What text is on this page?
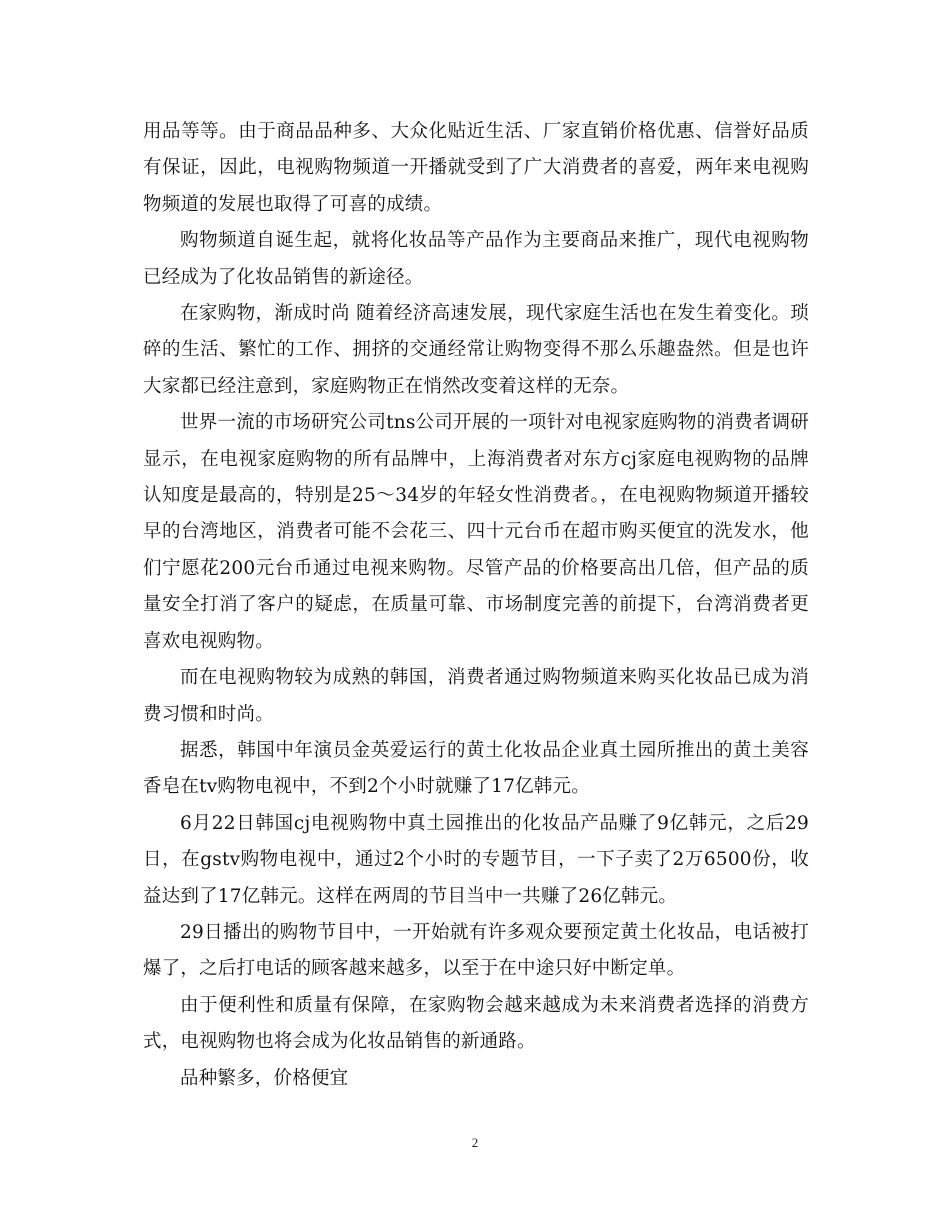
用品等等。由于商品品种多、大众化贴近生活、厂家直销价格优惠、信誉好品质有保证，因此，电视购物频道一开播就受到了广大消费者的喜爱，两年来电视购物频道的发展也取得了可喜的成绩。

购物频道自诞生起，就将化妆品等产品作为主要商品来推广，现代电视购物已经成为了化妆品销售的新途径。

在家购物，渐成时尚 随着经济高速发展，现代家庭生活也在发生着变化。琐碎的生活、繁忙的工作、拥挤的交通经常让购物变得不那么乐趣盎然。但是也许大家都已经注意到，家庭购物正在悄然改变着这样的无奈。

世界一流的市场研究公司tns公司开展的一项针对电视家庭购物的消费者调研显示，在电视家庭购物的所有品牌中，上海消费者对东方cj家庭电视购物的品牌认知度是最高的，特别是25～34岁的年轻女性消费者。，在电视购物频道开播较早的台湾地区，消费者可能不会花三、四十元台币在超市购买便宜的洗发水，他们宁愿花200元台币通过电视来购物。尽管产品的价格要高出几倍，但产品的质量安全打消了客户的疑虑，在质量可靠、市场制度完善的前提下，台湾消费者更喜欢电视购物。

而在电视购物较为成熟的韩国，消费者通过购物频道来购买化妆品已成为消费习惯和时尚。

据悉，韩国中年演员金英爱运行的黄土化妆品企业真土园所推出的黄土美容香皂在tv购物电视中，不到2个小时就赚了17亿韩元。

6月22日韩国cj电视购物中真土园推出的化妆品产品赚了9亿韩元，之后29日，在gstv购物电视中，通过2个小时的专题节目，一下子卖了2万6500份，收益达到了17亿韩元。这样在两周的节目当中一共赚了26亿韩元。

29日播出的购物节目中，一开始就有许多观众要预定黄土化妆品，电话被打爆了，之后打电话的顾客越来越多，以至于在中途只好中断定单。

由于便利性和质量有保障，在家购物会越来越成为未来消费者选择的消费方式，电视购物也将会成为化妆品销售的新通路。

品种繁多，价格便宜

2
